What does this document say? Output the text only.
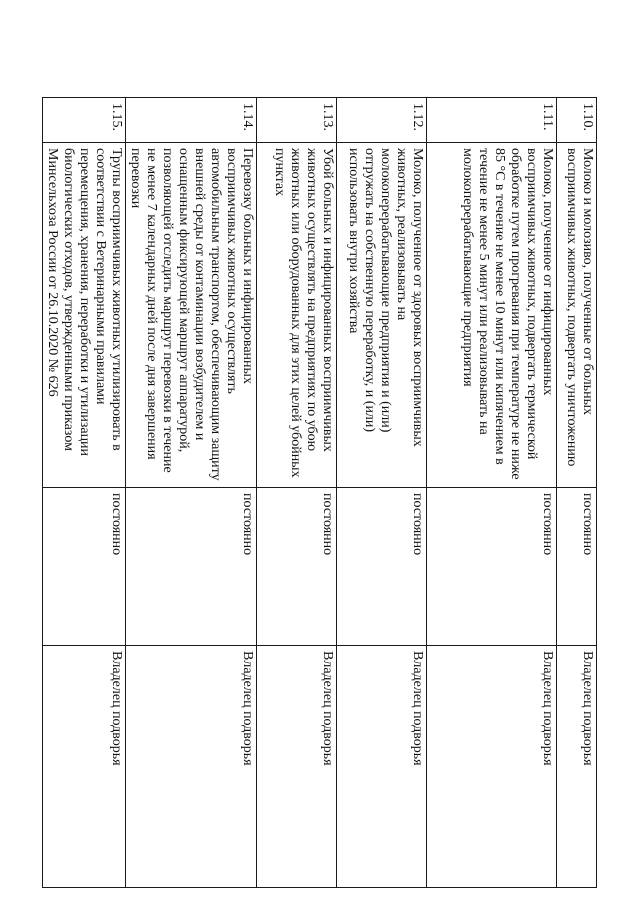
1.10.	Молоко и молозиво, полученные от больных восприимчивых животных, подвергать уничтожению	постоянно	Владелец подворья
1.11.	Молоко, полученное от инфицированных восприимчивых животных, подвергать термической обработке путем прогревания при температуре не ниже 85 °С в течение не менее 10 минут или кипячением в течение не менее 5 минут или реализовывать на молокоперерабатывающие предприятия	постоянно	Владелец подворья
1.12.	Молоко, полученное от здоровых восприимчивых животных, реализовывать на молокоперерабатывающие предприятия и (или) отгружать на собственную переработку, и (или) использовать внутри хозяйства	постоянно	Владелец подворья
1.13.	Убой больных и инфицированных восприимчивых животных осуществлять на предприятиях по убою животных или оборудованных для этих целей убойных пунктах	постоянно	Владелец подворья
1.14.	Перевозку больных и инфицированных восприимчивых животных осуществлять автомобильным транспортом, обеспечивающим защиту внешней среды от контаминации возбудителем и оснащенным фиксирующей маршрут аппаратурой, позволяющей отследить маршрут перевозки в течение не менее 7 календарных дней после дня завершения перевозки	постоянно	Владелец подворья
1.15.	Трупы восприимчивых животных утилизировать в соответствии с Ветеринарными правилами перемещения, хранения, переработки и утилизации биологических отходов, утвержденными приказом Минсельхоза России от 26.10.2020 № 626	постоянно	Владелец подворья
